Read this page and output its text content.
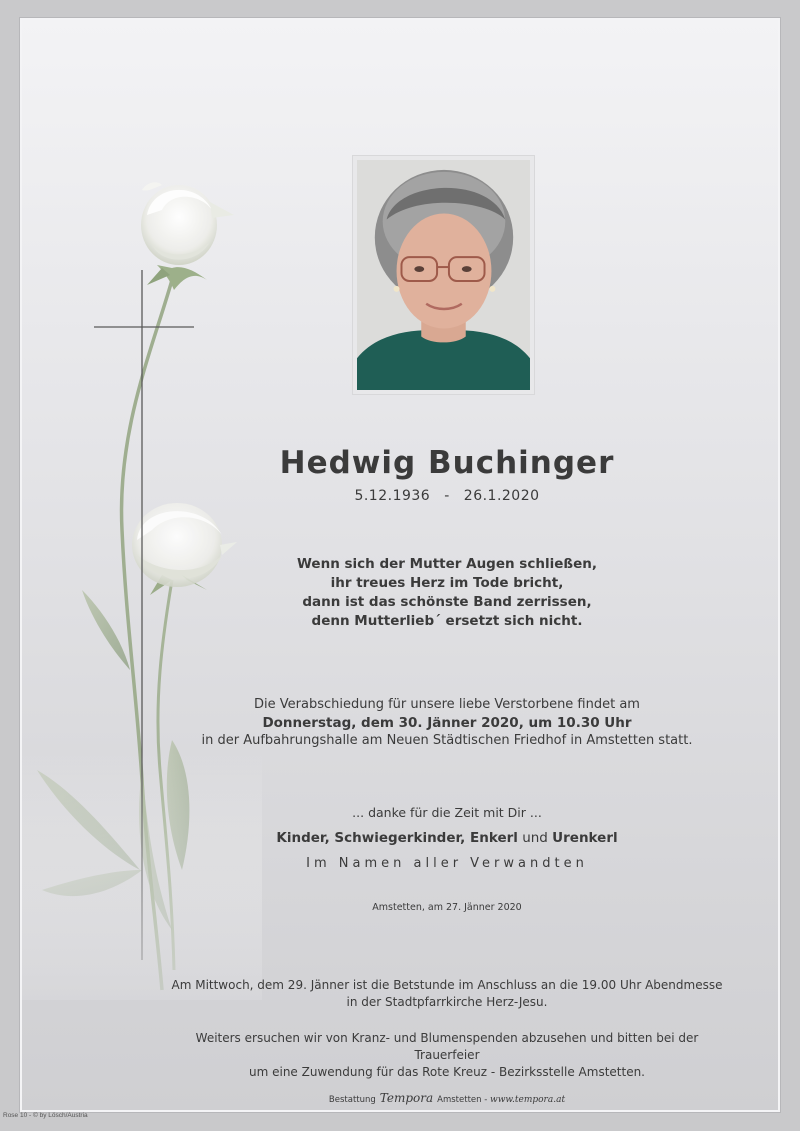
Hedwig Buchinger
5.12.1936 - 26.1.2020
Wenn sich der Mutter Augen schließen,
ihr treues Herz im Tode bricht,
dann ist das schönste Band zerrissen,
denn Mutterlieb´ ersetzt sich nicht.
Die Verabschiedung für unsere liebe Verstorbene findet am
Donnerstag, dem 30. Jänner 2020, um 10.30 Uhr
in der Aufbahrungshalle am Neuen Städtischen Friedhof in Amstetten statt.
... danke für die Zeit mit Dir ...
Kinder, Schwiegerkinder, Enkerl und Urenkerl
Im Namen aller Verwandten
Amstetten, am 27. Jänner 2020
Am Mittwoch, dem 29. Jänner ist die Betstunde im Anschluss an die 19.00 Uhr Abendmesse
in der Stadtpfarrkirche Herz-Jesu.
Weiters ersuchen wir von Kranz- und Blumenspenden abzusehen und bitten bei der Trauerfeier
um eine Zuwendung für das Rote Kreuz - Bezirksstelle Amstetten.
Bestattung Tempora Amstetten - www.tempora.at
Rose 10 - © by Lösch/Austria
